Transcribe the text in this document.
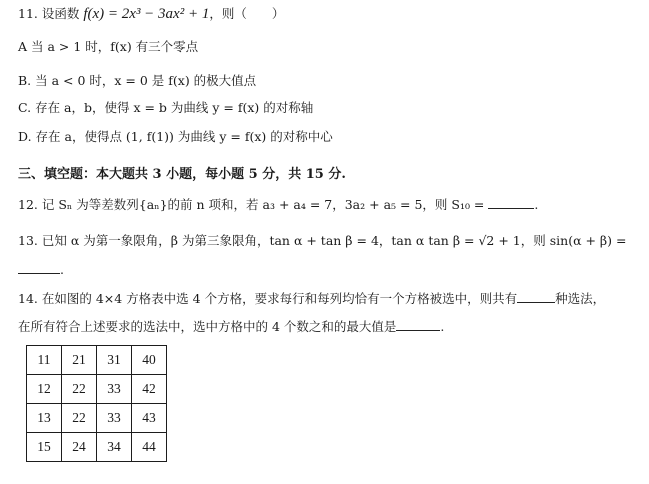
11. 设函数 f(x) = 2x³ − 3ax² + 1，则（　　）
A 当 a > 1 时，f(x) 有三个零点
B. 当 a < 0 时，x = 0 是 f(x) 的极大值点
C. 存在 a，b，使得 x = b 为曲线 y = f(x) 的对称轴
D. 存在 a，使得点 (1, f(1)) 为曲线 y = f(x) 的对称中心
三、填空题：本大题共 3 小题，每小题 5 分，共 15 分.
12. 记 Sₙ 为等差数列{aₙ}的前 n 项和，若 a₃ + a₄ = 7，3a₂ + a₅ = 5，则 S₁₀ =	.
13. 已知 α 为第一象限角，β 为第三象限角，tan α + tan β = 4，tan α tan β = √2 + 1，则 sin(α + β) =
.
14. 在如图的 4×4 方格表中选 4 个方格，要求每行和每列均恰有一个方格被选中，则共有	种选法，
在所有符合上述要求的选法中，选中方格中的 4 个数之和的最大值是	.
11	21	31	40
12	22	33	42
13	22	33	43
15	24	34	44
